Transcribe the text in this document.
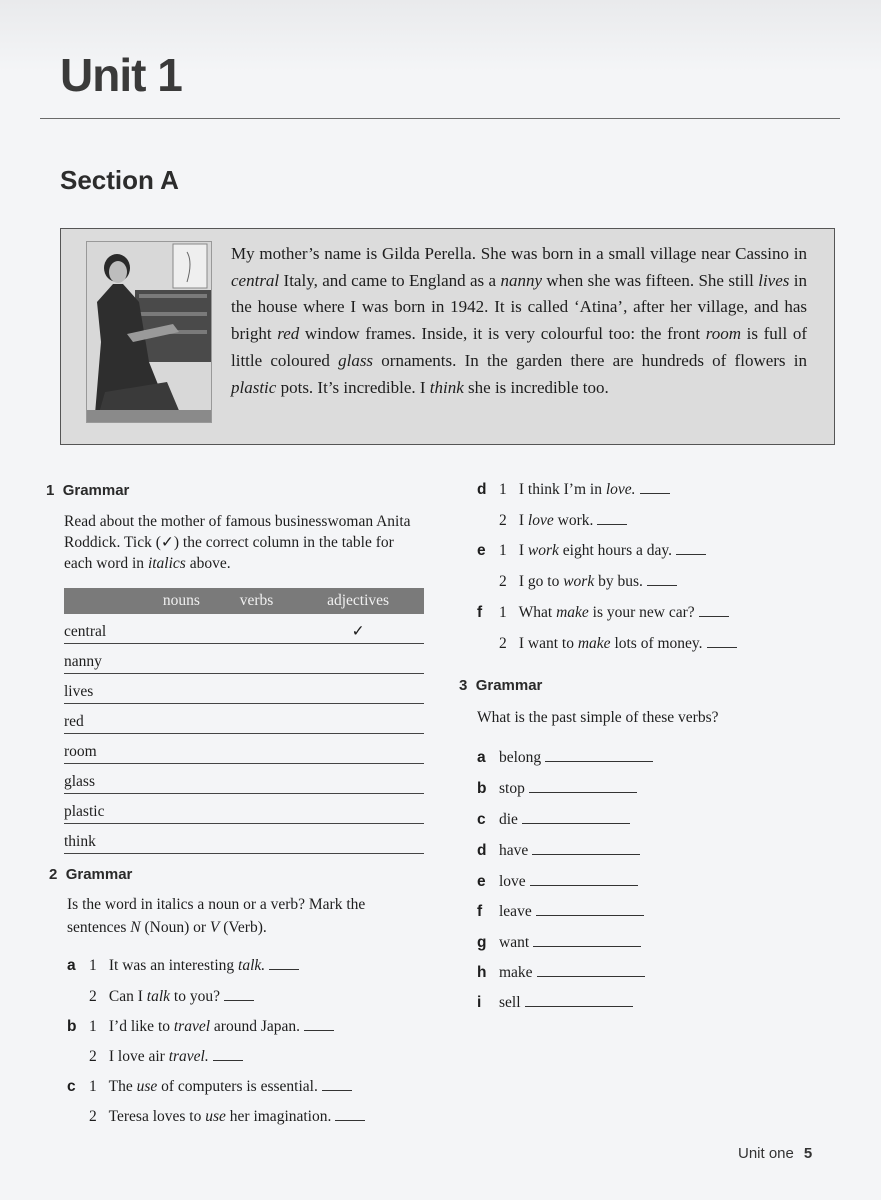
Unit 1
Section A
My mother’s name is Gilda Perella. She was born in a small village near Cassino in central Italy, and came to England as a nanny when she was fifteen. She still lives in the house where I was born in 1942. It is called ‘Atina’, after her village, and has bright red window frames. Inside, it is very colourful too: the front room is full of little coloured glass ornaments. In the garden there are hundreds of flowers in plastic pots. It’s incredible. I think she is incredible too.
1 Grammar
Read about the mother of famous businesswoman Anita Roddick. Tick (✓) the correct column in the table for each word in italics above.
	nouns	verbs	adjectives
central			✓
nanny			
lives			
red			
room			
glass			
plastic			
think			
2 Grammar
Is the word in italics a noun or a verb? Mark the sentences N (Noun) or V (Verb).
a 1 It was an interesting talk.
2 Can I talk to you?
b 1 I’d like to travel around Japan.
2 I love air travel.
c 1 The use of computers is essential.
2 Teresa loves to use her imagination.
d 1 I think I’m in love.
2 I love work.
e 1 I work eight hours a day.
2 I go to work by bus.
f 1 What make is your new car?
2 I want to make lots of money.
3 Grammar
What is the past simple of these verbs?
a belong
b stop
c die
d have
e love
f leave
g want
h make
i sell
Unit one 5
